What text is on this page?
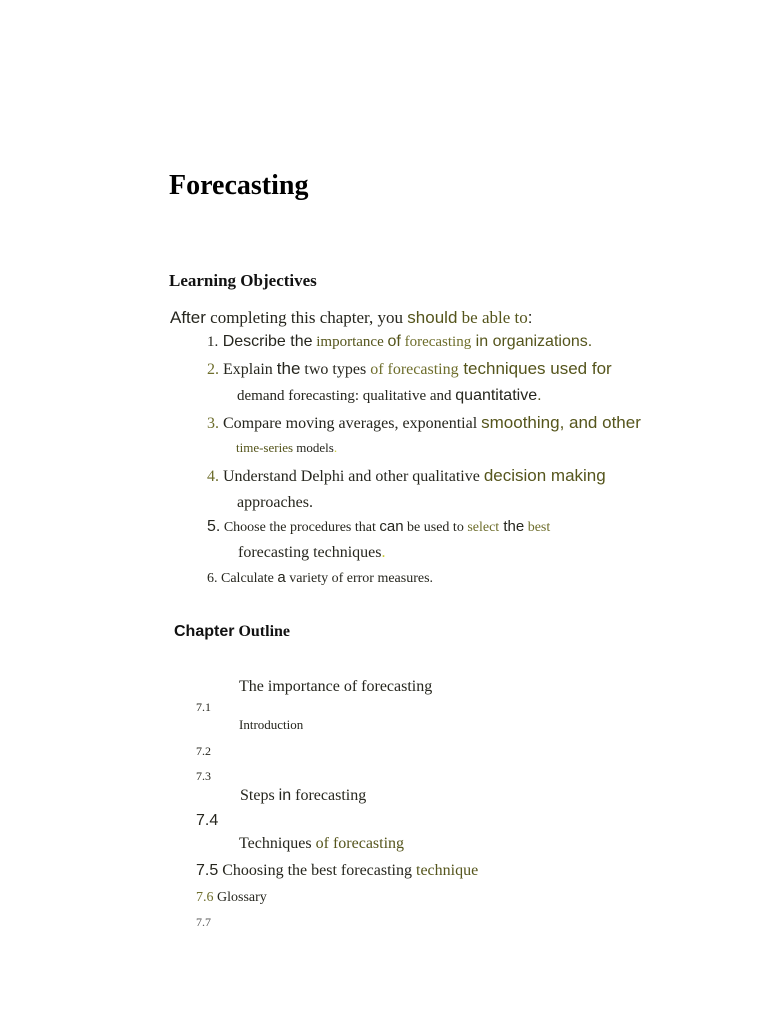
Forecasting
Learning Objectives
After completing this chapter, you should be able to:
1. Describe the importance of forecasting in organizations.
2. Explain the two types of forecasting techniques used for
demand forecasting: qualitative and quantitative.
3. Compare moving averages, exponential smoothing, and other
time-series models.
4. Understand Delphi and other qualitative decision making
approaches.
5. Choose the procedures that can be used to select the best
forecasting techniques.
6. Calculate a variety of error measures.
Chapter Outline
The importance of forecasting
7.1
Introduction
7.2
7.3
Steps in forecasting
7.4
Techniques of forecasting
7.5 Choosing the best forecasting technique
7.6 Glossary
7.7
